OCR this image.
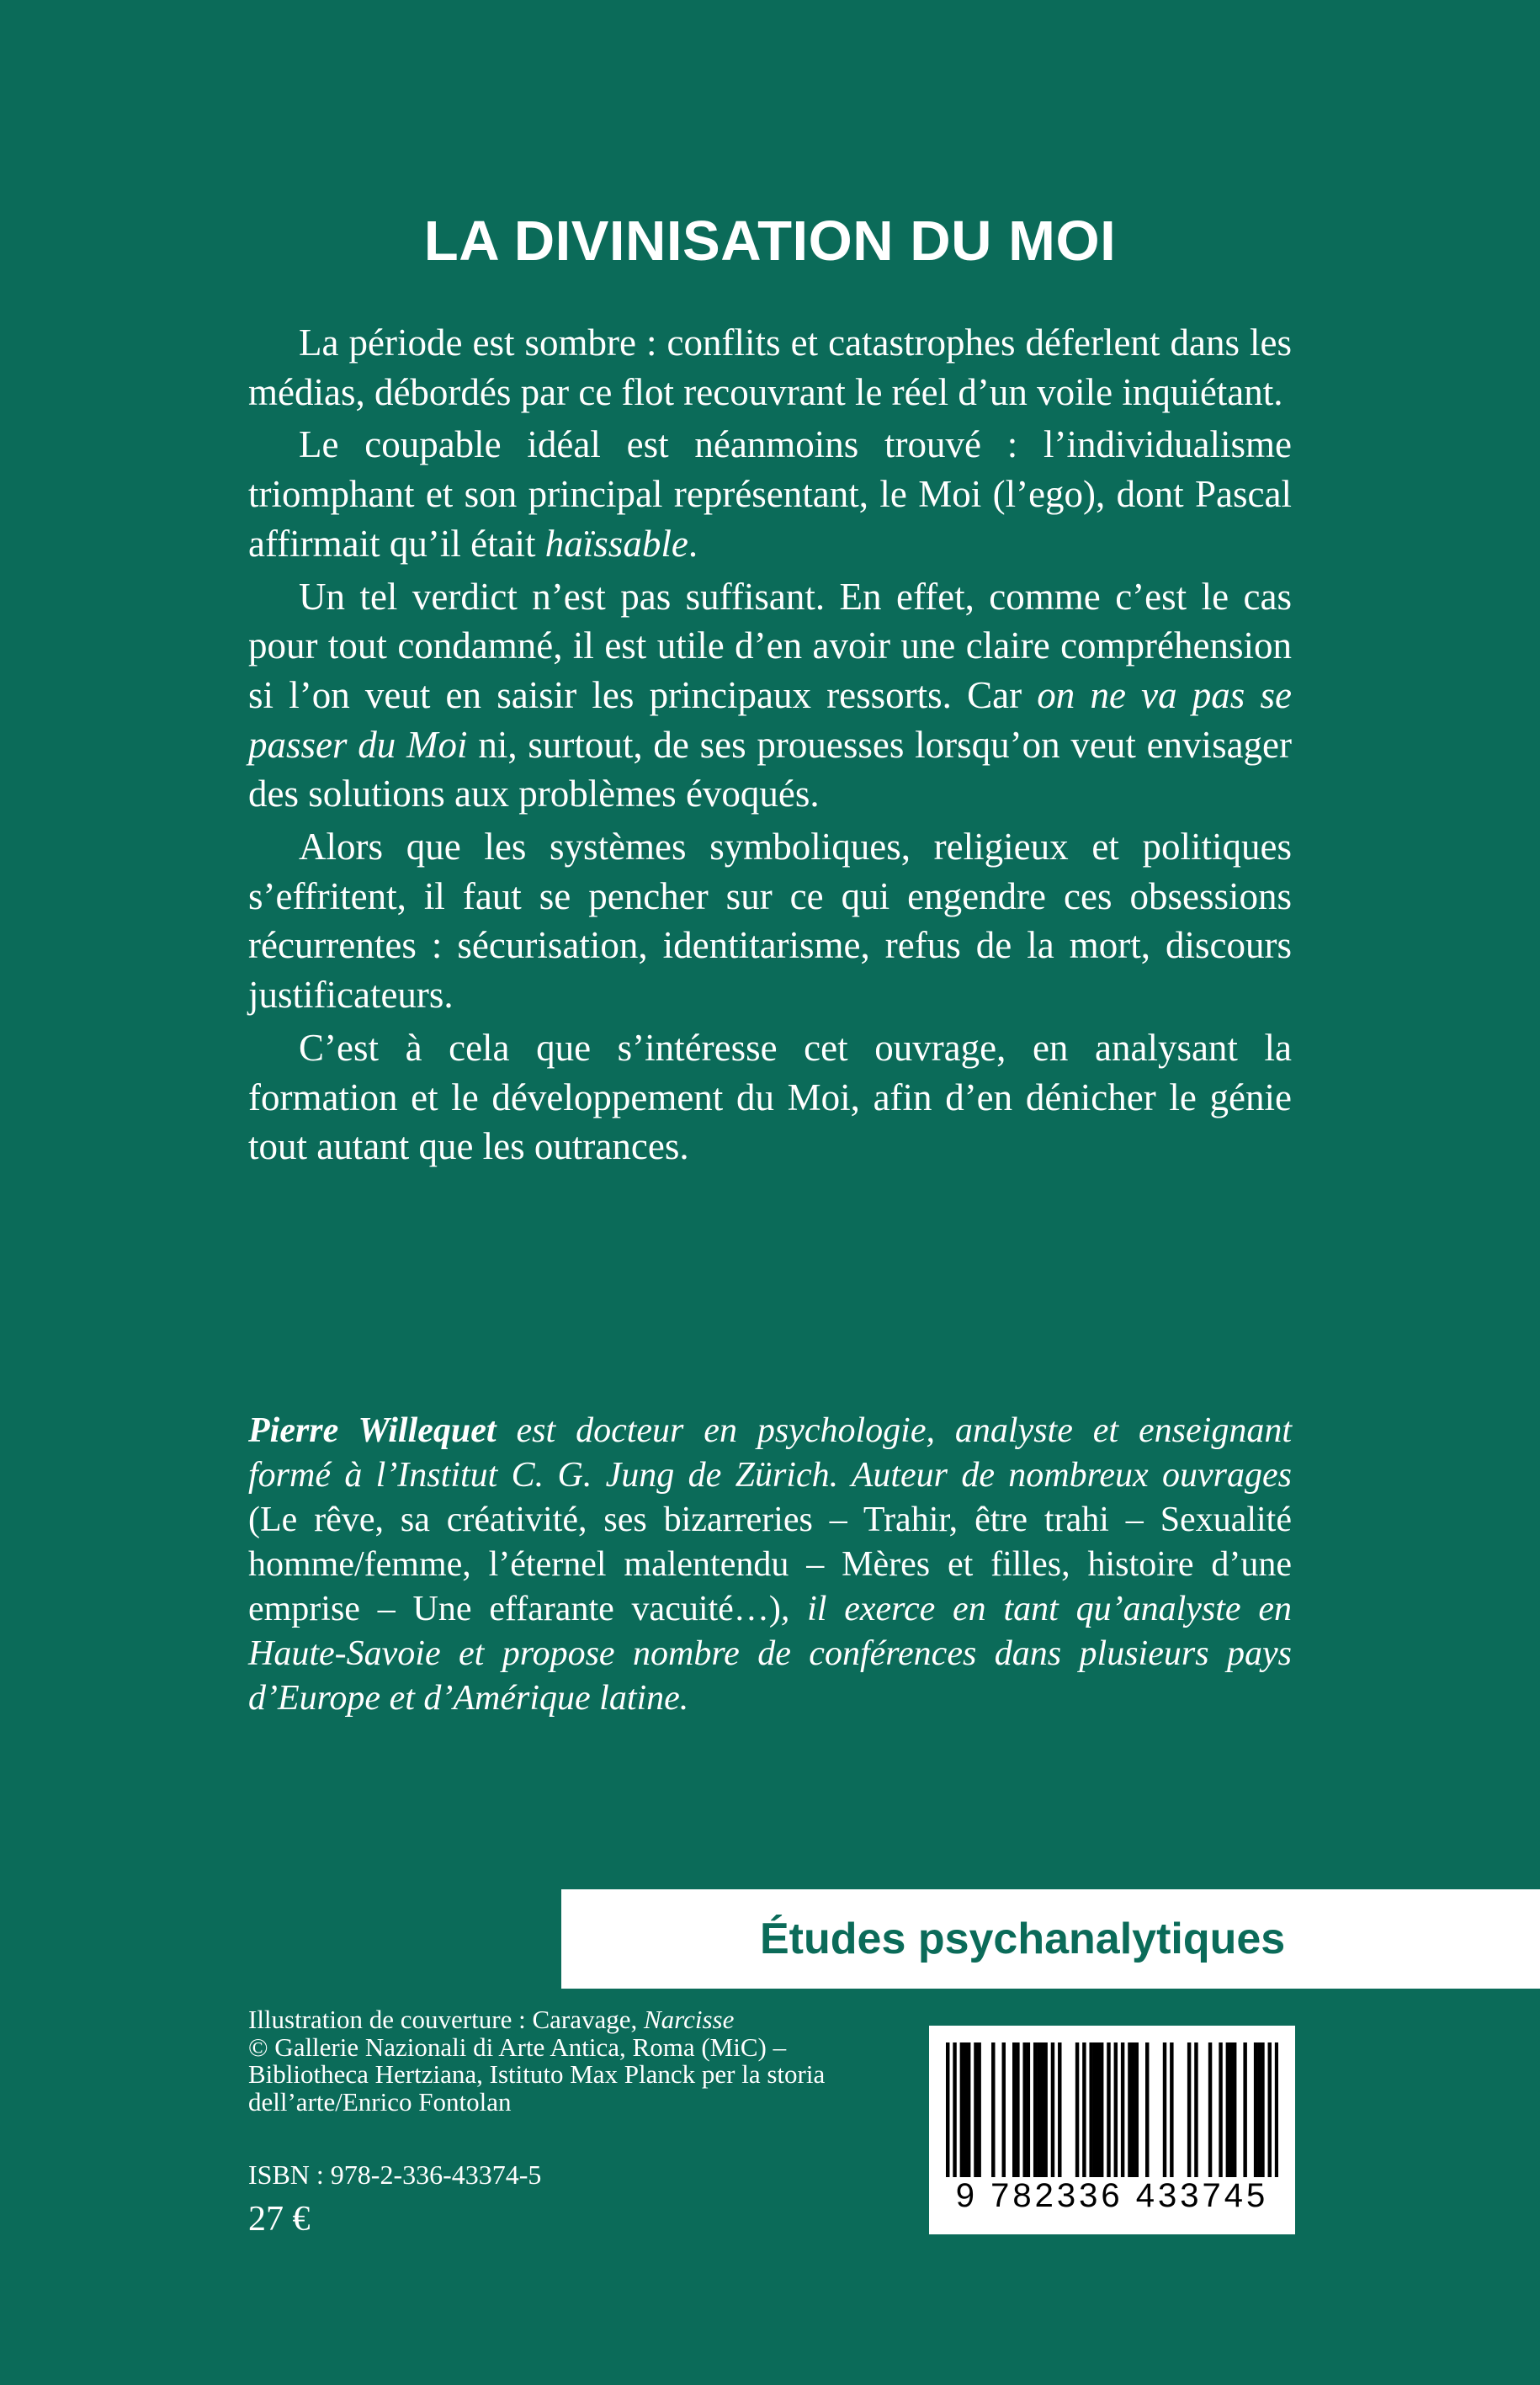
LA DIVINISATION DU MOI

La période est sombre : conflits et catastrophes déferlent dans les médias, débordés par ce flot recouvrant le réel d’un voile inquiétant.

Le coupable idéal est néanmoins trouvé : l’individualisme triomphant et son principal représentant, le Moi (l’ego), dont Pascal affirmait qu’il était haïssable.

Un tel verdict n’est pas suffisant. En effet, comme c’est le cas pour tout condamné, il est utile d’en avoir une claire compréhension si l’on veut en saisir les principaux ressorts. Car on ne va pas se passer du Moi ni, surtout, de ses prouesses lorsqu’on veut envisager des solutions aux problèmes évoqués.

Alors que les systèmes symboliques, religieux et politiques s’effritent, il faut se pencher sur ce qui engendre ces obsessions récurrentes : sécurisation, identitarisme, refus de la mort, discours justificateurs.

C’est à cela que s’intéresse cet ouvrage, en analysant la formation et le développement du Moi, afin d’en dénicher le génie tout autant que les outrances.

Pierre Willequet est docteur en psychologie, analyste et enseignant formé à l’Institut C. G. Jung de Zürich. Auteur de nombreux ouvrages (Le rêve, sa créativité, ses bizarreries – Trahir, être trahi – Sexualité homme/femme, l’éternel malentendu – Mères et filles, histoire d’une emprise – Une effarante vacuité…), il exerce en tant qu’analyste en Haute-Savoie et propose nombre de conférences dans plusieurs pays d’Europe et d’Amérique latine.

Études psychanalytiques

Illustration de couverture : Caravage, Narcisse
© Gallerie Nazionali di Arte Antica, Roma (MiC) – Bibliotheca Hertziana, Istituto Max Planck per la storia dell’arte/Enrico Fontolan

ISBN : 978-2-336-43374-5

27 €

9 782336 433745
